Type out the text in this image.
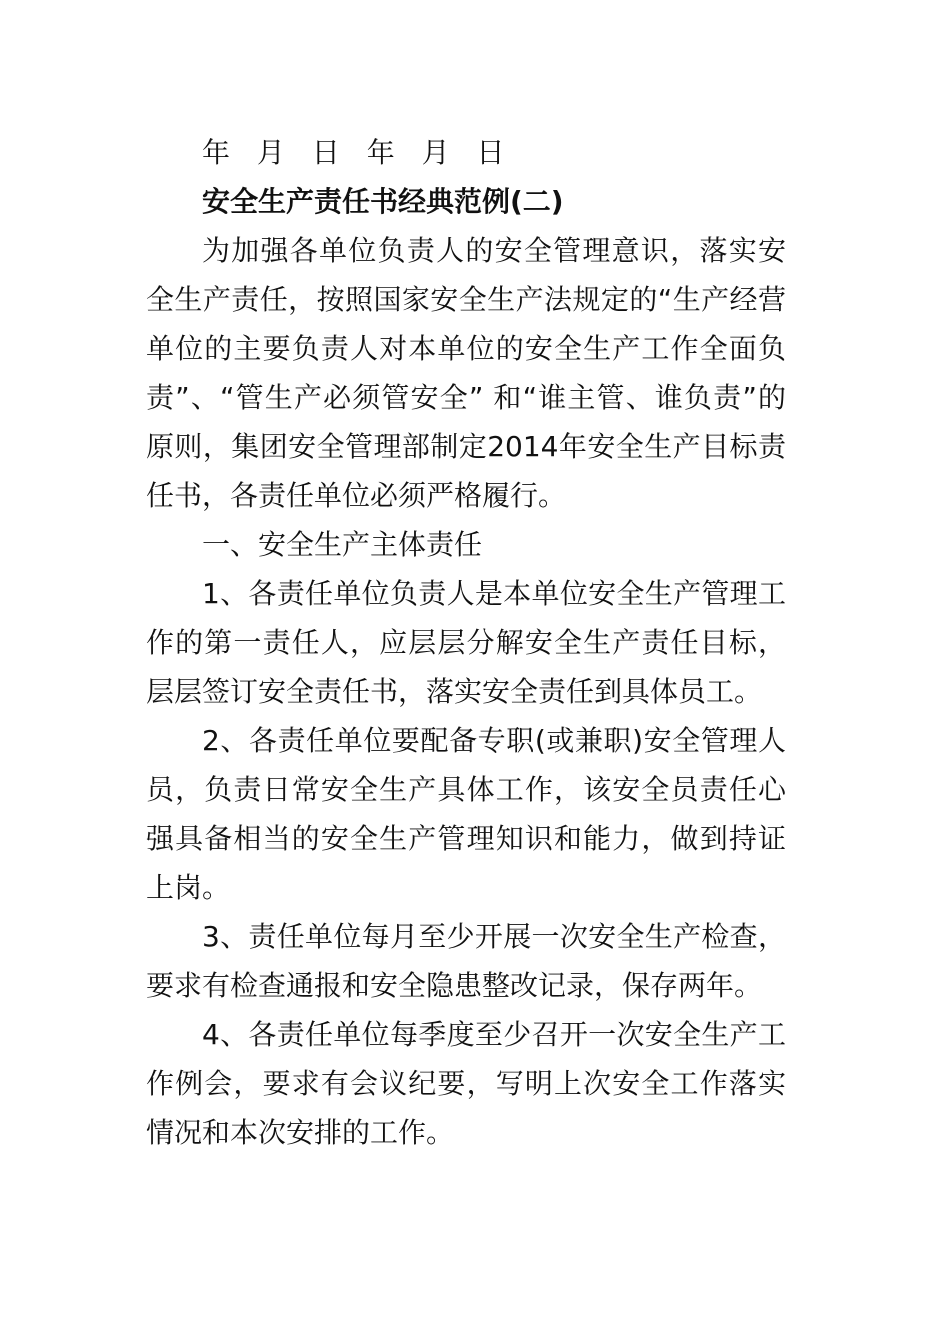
年 月 日 年 月 日

安全生产责任书经典范例(二)

为加强各单位负责人的安全管理意识，落实安全生产责任，按照国家安全生产法规定的“生产经营单位的主要负责人对本单位的安全生产工作全面负责”、“管生产必须管安全” 和“谁主管、谁负责”的原则，集团安全管理部制定2014年安全生产目标责任书，各责任单位必须严格履行。

一、安全生产主体责任

1、各责任单位负责人是本单位安全生产管理工作的第一责任人，应层层分解安全生产责任目标，层层签订安全责任书，落实安全责任到具体员工。

2、各责任单位要配备专职(或兼职)安全管理人员，负责日常安全生产具体工作，该安全员责任心强具备相当的安全生产管理知识和能力，做到持证上岗。

3、责任单位每月至少开展一次安全生产检查，要求有检查通报和安全隐患整改记录，保存两年。

4、各责任单位每季度至少召开一次安全生产工作例会，要求有会议纪要，写明上次安全工作落实情况和本次安排的工作。
